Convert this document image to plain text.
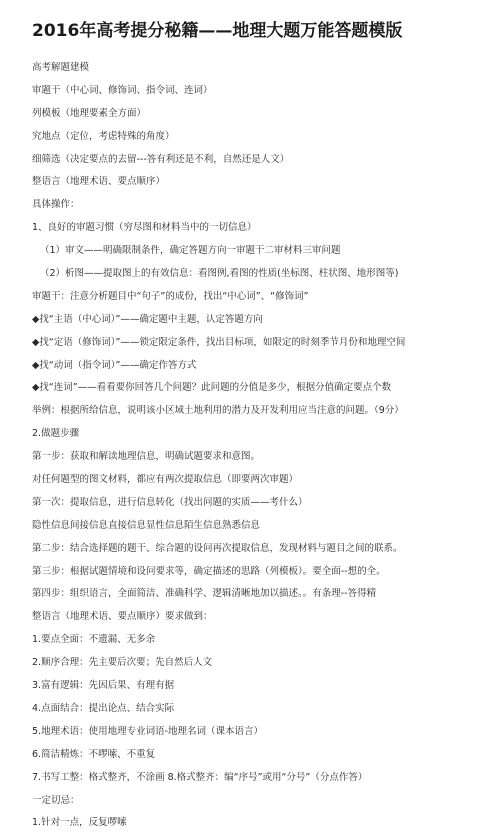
2016年高考提分秘籍——地理大题万能答题模版
高考解题建模
审题干（中心词、修饰词、指令词、连词）
列模板（地理要素全方面）
究地点（定位，考虑特殊的角度）
细筛选（决定要点的去留---答有利还是不利，自然还是人文）
整语言（地理术语、要点顺序）
具体操作：
1、良好的审题习惯（穷尽图和材料当中的一切信息）
（1）审文——明确限制条件，确定答题方向一审题干二审材料三审问题
（2）析图——提取图上的有效信息：看图例,看图的性质(坐标图、柱状图、地形图等)
审题干：注意分析题目中“句子”的成份，找出“中心词”、“修饰词”
◆找“主语（中心词）”——确定题中主题，认定答题方向
◆找“定语（修饰词）”——锁定限定条件，找出目标项，如限定的时刻季节月份和地理空间
◆找“动词（指令词）”——确定作答方式
◆找“连词”——看看要你回答几个问题？此问题的分值是多少，根据分值确定要点个数
举例：根据所给信息，说明该小区域土地利用的潜力及开发利用应当注意的问题。（9分）
2.做题步骤
第一步：获取和解读地理信息，明确试题要求和意图。
对任何题型的图文材料，都应有两次提取信息（即要两次审题）
第一次：提取信息，进行信息转化（找出问题的实质——考什么）
隐性信息间接信息直接信息显性信息陌生信息熟悉信息
第二步：结合选择题的题干、综合题的设问再次提取信息，发现材料与题目之间的联系。
第三步：根据试题情境和设问要求等，确定描述的思路（列模板）。要全面--想的全。
第四步：组织语言，全面简洁、准确科学、逻辑清晰地加以描述。。有条理--答得精
整语言（地理术语、要点顺序）要求做到：
1.要点全面：不遗漏、无多余
2.顺序合理：先主要后次要；先自然后人文
3.富有逻辑：先因后果、有理有据
4.点面结合：提出论点、结合实际
5.地理术语：使用地理专业词语-地理名词（课本语言）
6.简洁精炼：不啰嗦、不重复
7.书写工整：格式整齐，不涂画 8.格式整齐：编“序号”或用“分号”（分点作答）
一定切忌：
1.针对一点，反复啰嗦
